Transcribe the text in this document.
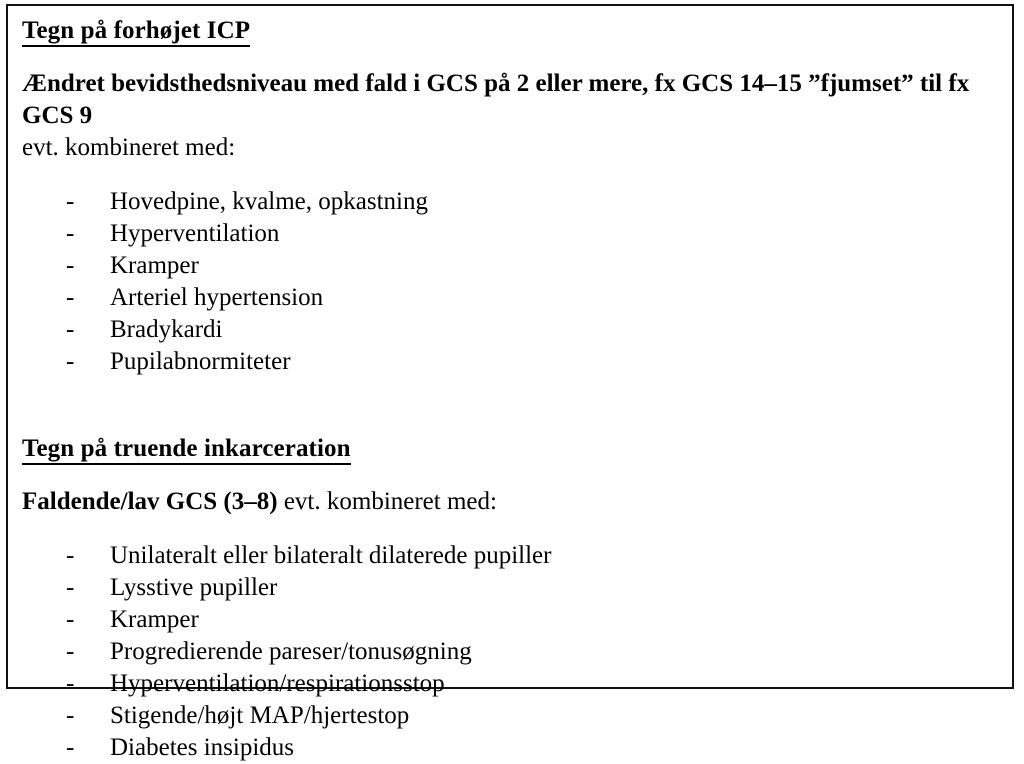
Tegn på forhøjet ICP

Ændret bevidsthedsniveau med fald i GCS på 2 eller mere, fx GCS 14–15 ”fjumset” til fx GCS 9
evt. kombineret med:

- Hovedpine, kvalme, opkastning
- Hyperventilation
- Kramper
- Arteriel hypertension
- Bradykardi
- Pupilabnormiteter
Tegn på truende inkarceration

Faldende/lav GCS (3–8) evt. kombineret med:

- Unilateralt eller bilateralt dilaterede pupiller
- Lysstive pupiller
- Kramper
- Progredierende pareser/tonusøgning
- Hyperventilation/respirationsstop
- Stigende/højt MAP/hjertestop
- Diabetes insipidus
